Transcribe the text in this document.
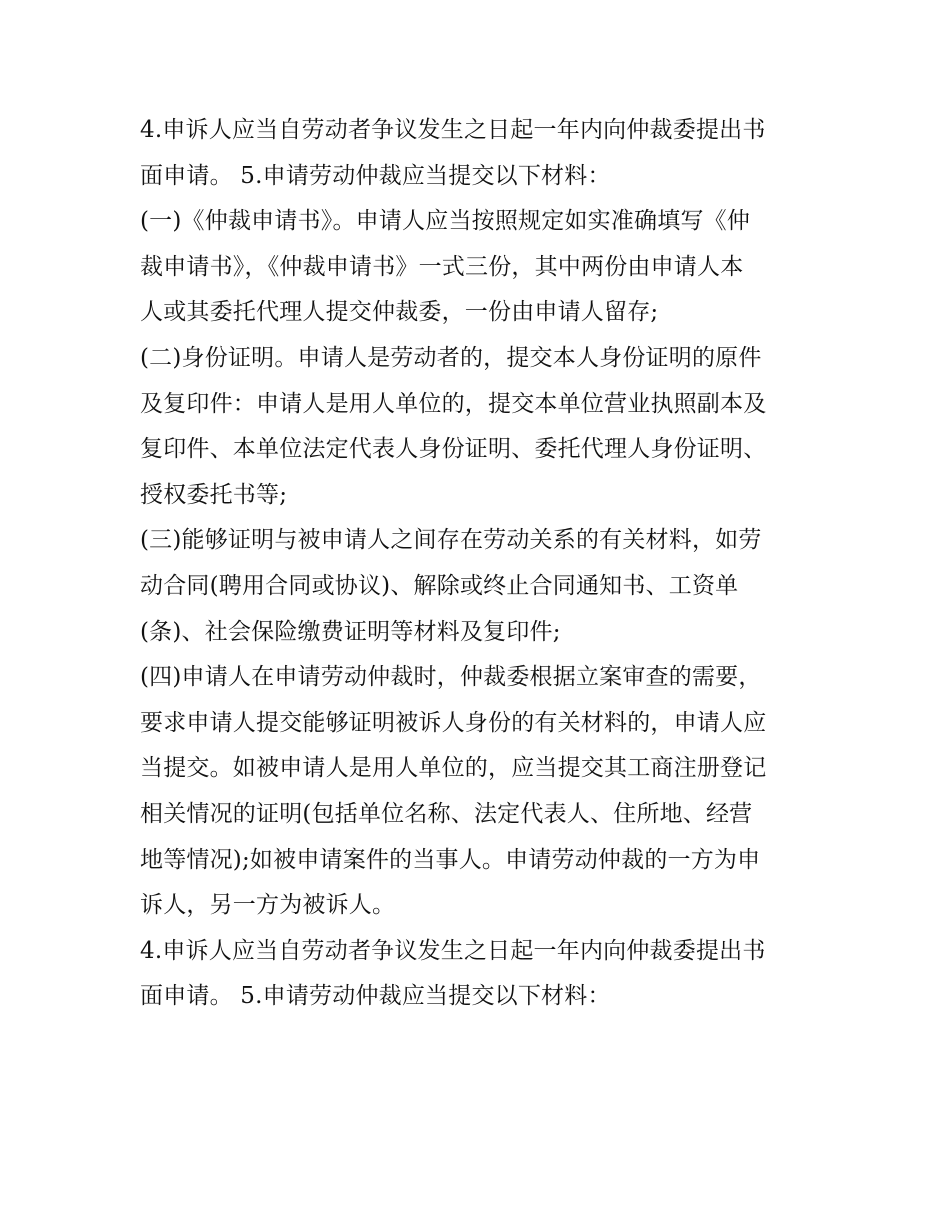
4.申诉人应当自劳动者争议发生之日起一年内向仲裁委提出书
面申请。 5.申请劳动仲裁应当提交以下材料：
(一)《仲裁申请书》。申请人应当按照规定如实准确填写《仲
裁申请书》，《仲裁申请书》一式三份，其中两份由申请人本
人或其委托代理人提交仲裁委，一份由申请人留存;
(二)身份证明。申请人是劳动者的，提交本人身份证明的原件
及复印件：申请人是用人单位的，提交本单位营业执照副本及
复印件、本单位法定代表人身份证明、委托代理人身份证明、
授权委托书等;
(三)能够证明与被申请人之间存在劳动关系的有关材料，如劳
动合同(聘用合同或协议)、解除或终止合同通知书、工资单
(条)、社会保险缴费证明等材料及复印件;
(四)申请人在申请劳动仲裁时，仲裁委根据立案审查的需要，
要求申请人提交能够证明被诉人身份的有关材料的，申请人应
当提交。如被申请人是用人单位的，应当提交其工商注册登记
相关情况的证明(包括单位名称、法定代表人、住所地、经营
地等情况);如被申请案件的当事人。申请劳动仲裁的一方为申
诉人，另一方为被诉人。
4.申诉人应当自劳动者争议发生之日起一年内向仲裁委提出书
面申请。 5.申请劳动仲裁应当提交以下材料：
